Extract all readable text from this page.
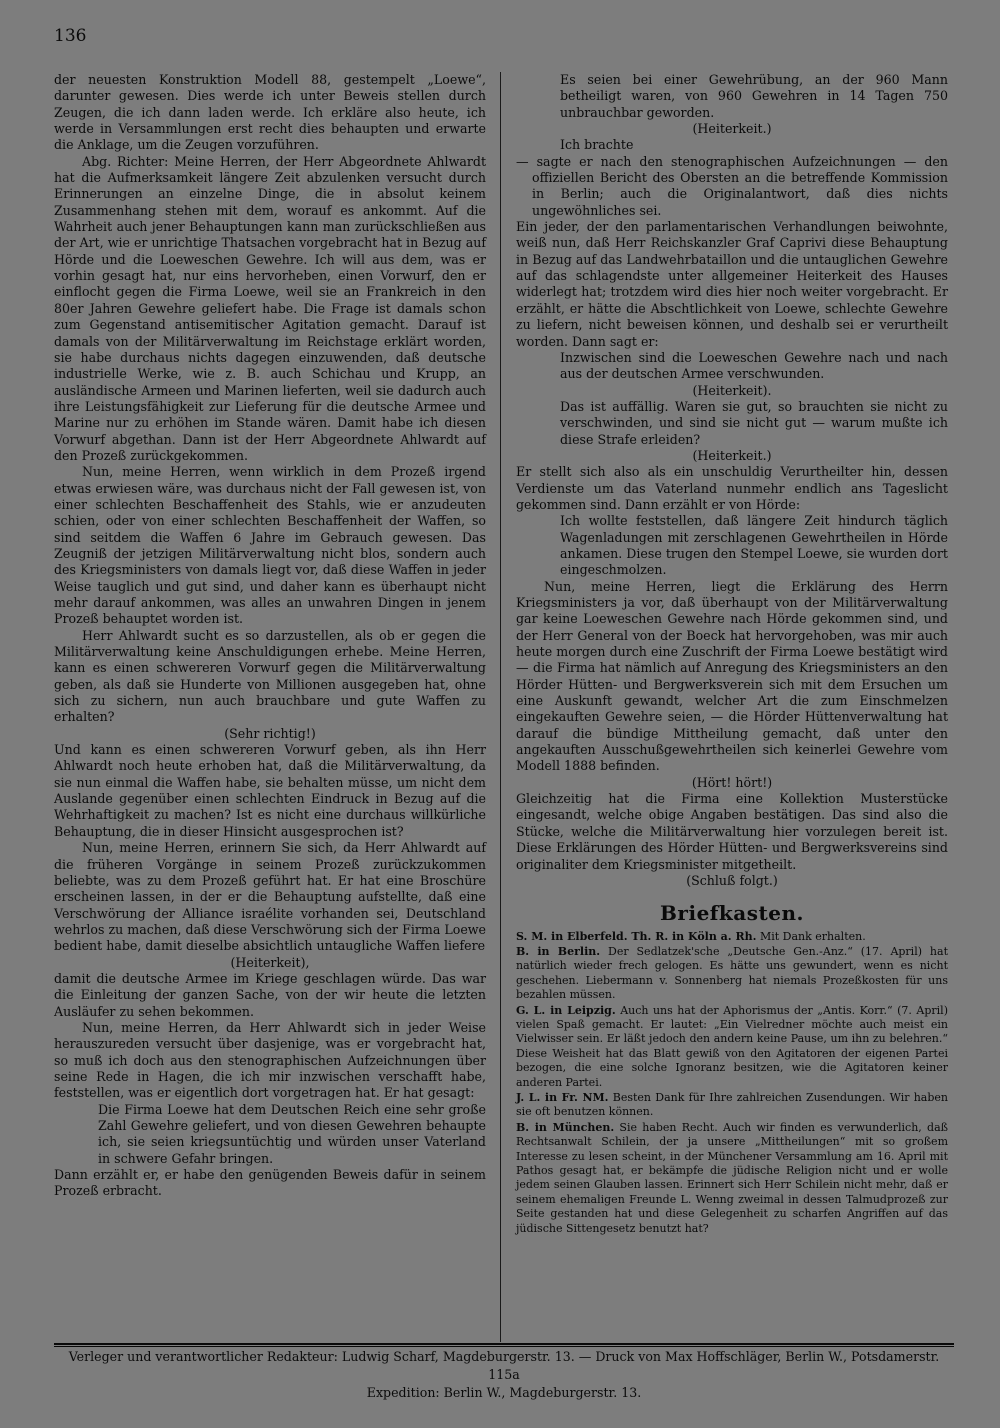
136

der neuesten Konstruktion Modell 88, gestempelt „Loewe“, darunter gewesen. Dies werde ich unter Beweis stellen durch Zeugen, die ich dann laden werde. Ich erkläre also heute, ich werde in Versammlungen erst recht dies behaupten und erwarte die Anklage, um die Zeugen vorzuführen.

Abg. Richter: Meine Herren, der Herr Abgeordnete Ahlwardt hat die Aufmerksamkeit längere Zeit abzulenken versucht durch Erinnerungen an einzelne Dinge, die in absolut keinem Zusammenhang stehen mit dem, worauf es ankommt. Auf die Wahrheit auch jener Behauptungen kann man zurückschließen aus der Art, wie er unrichtige Thatsachen vorgebracht hat in Bezug auf Hörde und die Loeweschen Gewehre. Ich will aus dem, was er vorhin gesagt hat, nur eins hervorheben, einen Vorwurf, den er einflocht gegen die Firma Loewe, weil sie an Frankreich in den 80er Jahren Gewehre geliefert habe. Die Frage ist damals schon zum Gegenstand antisemitischer Agitation gemacht. Darauf ist damals von der Militärverwaltung im Reichstage erklärt worden, sie habe durchaus nichts dagegen einzuwenden, daß deutsche industrielle Werke, wie z. B. auch Schichau und Krupp, an ausländische Armeen und Marinen lieferten, weil sie dadurch auch ihre Leistungsfähigkeit zur Lieferung für die deutsche Armee und Marine nur zu erhöhen im Stande wären. Damit habe ich diesen Vorwurf abgethan. Dann ist der Herr Abgeordnete Ahlwardt auf den Prozeß zurückgekommen.

Nun, meine Herren, wenn wirklich in dem Prozeß irgend etwas erwiesen wäre, was durchaus nicht der Fall gewesen ist, von einer schlechten Beschaffenheit des Stahls, wie er anzudeuten schien, oder von einer schlechten Beschaffenheit der Waffen, so sind seitdem die Waffen 6 Jahre im Gebrauch gewesen. Das Zeugniß der jetzigen Militärverwaltung nicht blos, sondern auch des Kriegsministers von damals liegt vor, daß diese Waffen in jeder Weise tauglich und gut sind, und daher kann es überhaupt nicht mehr darauf ankommen, was alles an unwahren Dingen in jenem Prozeß behauptet worden ist.

Herr Ahlwardt sucht es so darzustellen, als ob er gegen die Militärverwaltung keine Anschuldigungen erhebe. Meine Herren, kann es einen schwereren Vorwurf gegen die Militärverwaltung geben, als daß sie Hunderte von Millionen ausgegeben hat, ohne sich zu sichern, nun auch brauchbare und gute Waffen zu erhalten?

(Sehr richtig!)

Und kann es einen schwereren Vorwurf geben, als ihn Herr Ahlwardt noch heute erhoben hat, daß die Militärverwaltung, da sie nun einmal die Waffen habe, sie behalten müsse, um nicht dem Auslande gegenüber einen schlechten Eindruck in Bezug auf die Wehrhaftigkeit zu machen? Ist es nicht eine durchaus willkürliche Behauptung, die in dieser Hinsicht ausgesprochen ist?

Nun, meine Herren, erinnern Sie sich, da Herr Ahlwardt auf die früheren Vorgänge in seinem Prozeß zurückzukommen beliebte, was zu dem Prozeß geführt hat. Er hat eine Broschüre erscheinen lassen, in der er die Behauptung aufstellte, daß eine Verschwörung der Alliance israélite vorhanden sei, Deutschland wehrlos zu machen, daß diese Verschwörung sich der Firma Loewe bedient habe, damit dieselbe absichtlich untaugliche Waffen liefere

(Heiterkeit),

damit die deutsche Armee im Kriege geschlagen würde. Das war die Einleitung der ganzen Sache, von der wir heute die letzten Ausläufer zu sehen bekommen.

Nun, meine Herren, da Herr Ahlwardt sich in jeder Weise herauszureden versucht über dasjenige, was er vorgebracht hat, so muß ich doch aus den stenographischen Aufzeichnungen über seine Rede in Hagen, die ich mir inzwischen verschafft habe, feststellen, was er eigentlich dort vorgetragen hat. Er hat gesagt:

Die Firma Loewe hat dem Deutschen Reich eine sehr große Zahl Gewehre geliefert, und von diesen Gewehren behaupte ich, sie seien kriegsuntüchtig und würden unser Vaterland in schwere Gefahr bringen.

Dann erzählt er, er habe den genügenden Beweis dafür in seinem Prozeß erbracht.

Es seien bei einer Gewehrübung, an der 960 Mann betheiligt waren, von 960 Gewehren in 14 Tagen 750 unbrauchbar geworden.

(Heiterkeit.)

Ich brachte

— sagte er nach den stenographischen Aufzeichnungen — den offiziellen Bericht des Obersten an die betreffende Kommission in Berlin; auch die Originalantwort, daß dies nichts ungewöhnliches sei.

Ein jeder, der den parlamentarischen Verhandlungen beiwohnte, weiß nun, daß Herr Reichskanzler Graf Caprivi diese Behauptung in Bezug auf das Landwehrbataillon und die untauglichen Gewehre auf das schlagendste unter allgemeiner Heiterkeit des Hauses widerlegt hat; trotzdem wird dies hier noch weiter vorgebracht. Er erzählt, er hätte die Abschtlichkeit von Loewe, schlechte Gewehre zu liefern, nicht beweisen können, und deshalb sei er verurtheilt worden. Dann sagt er:

Inzwischen sind die Loeweschen Gewehre nach und nach aus der deutschen Armee verschwunden.

(Heiterkeit).

Das ist auffällig. Waren sie gut, so brauchten sie nicht zu verschwinden, und sind sie nicht gut — warum mußte ich diese Strafe erleiden?

(Heiterkeit.)

Er stellt sich also als ein unschuldig Verurtheilter hin, dessen Verdienste um das Vaterland nunmehr endlich ans Tageslicht gekommen sind. Dann erzählt er von Hörde:

Ich wollte feststellen, daß längere Zeit hindurch täglich Wagenladungen mit zerschlagenen Gewehrtheilen in Hörde ankamen. Diese trugen den Stempel Loewe, sie wurden dort eingeschmolzen.

Nun, meine Herren, liegt die Erklärung des Herrn Kriegsministers ja vor, daß überhaupt von der Militärverwaltung gar keine Loeweschen Gewehre nach Hörde gekommen sind, und der Herr General von der Boeck hat hervorgehoben, was mir auch heute morgen durch eine Zuschrift der Firma Loewe bestätigt wird — die Firma hat nämlich auf Anregung des Kriegsministers an den Hörder Hütten- und Bergwerksverein sich mit dem Ersuchen um eine Auskunft gewandt, welcher Art die zum Einschmelzen eingekauften Gewehre seien, — die Hörder Hüttenverwaltung hat darauf die bündige Mittheilung gemacht, daß unter den angekauften Ausschußgewehrtheilen sich keinerlei Gewehre vom Modell 1888 befinden.

(Hört! hört!)

Gleichzeitig hat die Firma eine Kollektion Musterstücke eingesandt, welche obige Angaben bestätigen. Das sind also die Stücke, welche die Militärverwaltung hier vorzulegen bereit ist. Diese Erklärungen des Hörder Hütten- und Bergwerksvereins sind originaliter dem Kriegsminister mitgetheilt.

(Schluß folgt.)

Briefkasten.
S. M. in Elberfeld. Th. R. in Köln a. Rh. Mit Dank erhalten.
B. in Berlin. Der Sedlatzek'sche „Deutsche Gen.-Anz.“ (17. April) hat natürlich wieder frech gelogen. Es hätte uns gewundert, wenn es nicht geschehen. Liebermann v. Sonnenberg hat niemals Prozeßkosten für uns bezahlen müssen.
G. L. in Leipzig. Auch uns hat der Aphorismus der „Antis. Korr.“ (7. April) vielen Spaß gemacht. Er lautet: „Ein Vielredner möchte auch meist ein Vielwisser sein. Er läßt jedoch den andern keine Pause, um ihn zu belehren.“ Diese Weisheit hat das Blatt gewiß von den Agitatoren der eigenen Partei bezogen, die eine solche Ignoranz besitzen, wie die Agitatoren keiner anderen Partei.
J. L. in Fr. NM. Besten Dank für Ihre zahlreichen Zusendungen. Wir haben sie oft benutzen können.
B. in München. Sie haben Recht. Auch wir finden es verwunderlich, daß Rechtsanwalt Schilein, der ja unsere „Mittheilungen“ mit so großem Interesse zu lesen scheint, in der Münchener Versammlung am 16. April mit Pathos gesagt hat, er bekämpfe die jüdische Religion nicht und er wolle jedem seinen Glauben lassen. Erinnert sich Herr Schilein nicht mehr, daß er seinem ehemaligen Freunde L. Wenng zweimal in dessen Talmudprozeß zur Seite gestanden hat und diese Gelegenheit zu scharfen Angriffen auf das jüdische Sittengesetz benutzt hat?
Verleger und verantwortlicher Redakteur: Ludwig Scharf, Magdeburgerstr. 13. — Druck von Max Hoffschläger, Berlin W., Potsdamerstr. 115a
Expedition: Berlin W., Magdeburgerstr. 13.
